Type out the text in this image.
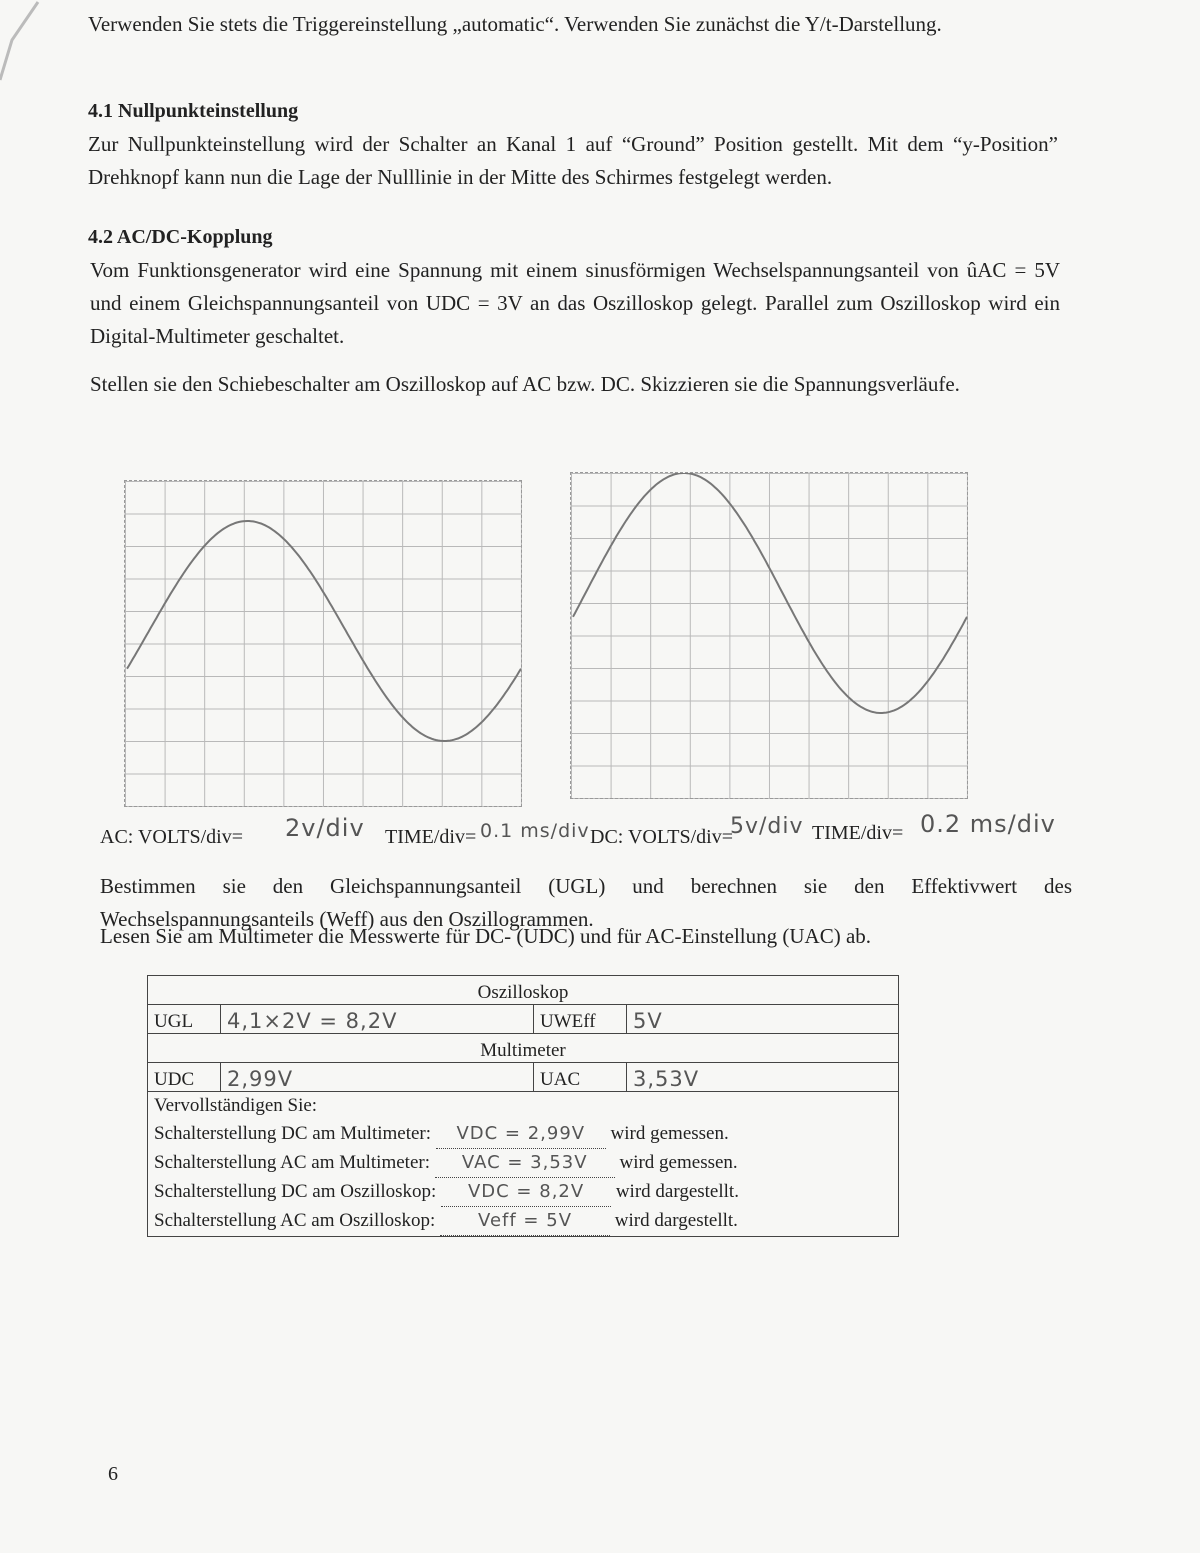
Verwenden Sie stets die Triggereinstellung „automatic“. Verwenden Sie zunächst die Y/t-Darstellung.
4.1 Nullpunkteinstellung
Zur Nullpunkteinstellung wird der Schalter an Kanal 1 auf “Ground” Position gestellt. Mit dem “y-Position” Drehknopf kann nun die Lage der Nulllinie in der Mitte des Schirmes festgelegt werden.
4.2 AC/DC-Kopplung
Vom Funktionsgenerator wird eine Spannung mit einem sinusförmigen Wechselspannungsanteil von ûAC = 5V und einem Gleichspannungsanteil von UDC = 3V an das Oszilloskop gelegt. Parallel zum Oszilloskop wird ein Digital-Multimeter geschaltet.
Stellen sie den Schiebeschalter am Oszilloskop auf AC bzw. DC. Skizzieren sie die Spannungsverläufe.
AC: VOLTS/div= 2v/div TIME/div= 0.1 ms/div DC: VOLTS/div=
5v/div TIME/div= 0.2 ms/div
Bestimmen sie den Gleichspannungsanteil (UGL) und berechnen sie den Effektivwert des Wechselspannungsanteils (Weff) aus den Oszillogrammen.
Lesen Sie am Multimeter die Messwerte für DC- (UDC) und für AC-Einstellung (UAC) ab.
Oszilloskop			
UGL	4,1×2V = 8,2V	UWEff	5V
Multimeter			
UDC	2,99V	UAC	3,53V

Vervollständigen Sie:
Schalterstellung DC am Multimeter: VDC = 2,99V wird gemessen.
Schalterstellung AC am Multimeter: VAC = 3,53V wird gemessen.
Schalterstellung DC am Oszilloskop: VDC = 8,2V wird dargestellt.
Schalterstellung AC am Oszilloskop: Veff = 5V wird dargestellt.			
6
